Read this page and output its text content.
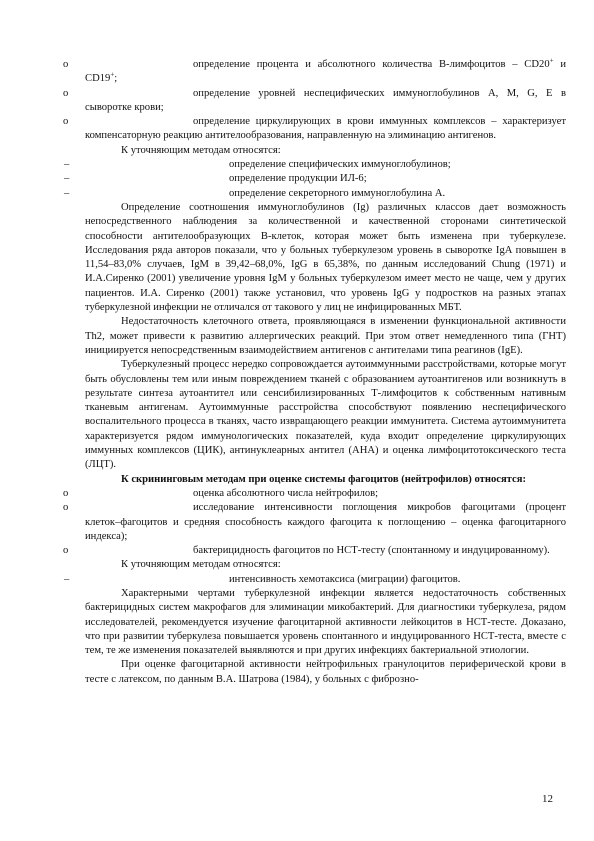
o	определение процента и абсолютного количества В-лимфоцитов – CD20+ и CD19+;

o	определение уровней неспецифических иммуноглобулинов A, M, G, E в сыворотке крови;

o	определение циркулирующих в крови иммунных комплексов – характеризует компенсаторную реакцию антителообразования, направленную на элиминацию антигенов.

К уточняющим методам относятся:

–	определение специфических иммуноглобулинов;

–	определение продукции ИЛ-6;

–	определение секреторного иммуноглобулина А.

Определение соотношения иммуноглобулинов (Ig) различных классов дает возможность непосредственного наблюдения за количественной и качественной сторонами синтетической способности антителообразующих В-клеток, которая может быть изменена при туберкулезе. Исследования ряда авторов показали, что у больных туберкулезом уровень в сыворотке IgA повышен в 11,54–83,0% случаев, IgM в 39,42–68,0%, IgG в 65,38%, по данным исследований Chung (1971) и И.А.Сиренко (2001) увеличение уровня IgM у больных туберкулезом имеет место не чаще, чем у других пациентов. И.А. Сиренко (2001) также установил, что уровень IgG у подростков на разных этапах туберкулезной инфекции не отличался от такового у лиц не инфицированных МБТ.

Недостаточность клеточного ответа, проявляющаяся в изменении функциональной активности Th2, может привести к развитию аллергических реакций. При этом ответ немедленного типа (ГНТ) инициируется непосредственным взаимодействием антигенов с антителами типа реагинов (IgE).

Туберкулезный процесс нередко сопровождается аутоиммунными расстройствами, которые могут быть обусловлены тем или иным повреждением тканей с образованием аутоантигенов или возникнуть в результате синтеза аутоантител или сенсибилизированных Т-лимфоцитов к собственным нативным тканевым антигенам. Аутоиммунные расстройства способствуют появлению неспецифического воспалительного процесса в тканях, часто извращающего реакции иммунитета. Система аутоиммунитета характеризуется рядом иммунологических показателей, куда входит определение циркулирующих иммунных комплексов (ЦИК), антинуклеарных антител (АНА) и оценка лимфоцитотоксического теста (ЛЦТ).

К скрининговым методам при оценке системы фагоцитов (нейтрофилов) относятся:

o	оценка абсолютного числа нейтрофилов;

o	исследование интенсивности поглощения микробов фагоцитами (процент клеток–фагоцитов и средняя способность каждого фагоцита к поглощению – оценка фагоцитарного индекса);

o	бактерицидность фагоцитов по НСТ-тесту (спонтанному и индуцированному).

К уточняющим методам относятся:

–	интенсивность хемотаксиса (миграции) фагоцитов.

Характерными чертами туберкулезной инфекции является недостаточность собственных бактерицидных систем макрофагов для элиминации микобактерий. Для диагностики туберкулеза, рядом исследователей, рекомендуется изучение фагоцитарной активности лейкоцитов в НСТ-тесте. Доказано, что при развитии туберкулеза повышается уровень спонтанного и индуцированного НСТ-теста, вместе с тем, те же изменения показателей выявляются и при других инфекциях бактериальной этиологии.

При оценке фагоцитарной активности нейтрофильных гранулоцитов периферической крови в тесте с латексом, по данным В.А. Шатрова (1984), у больных с фиброзно-

12
